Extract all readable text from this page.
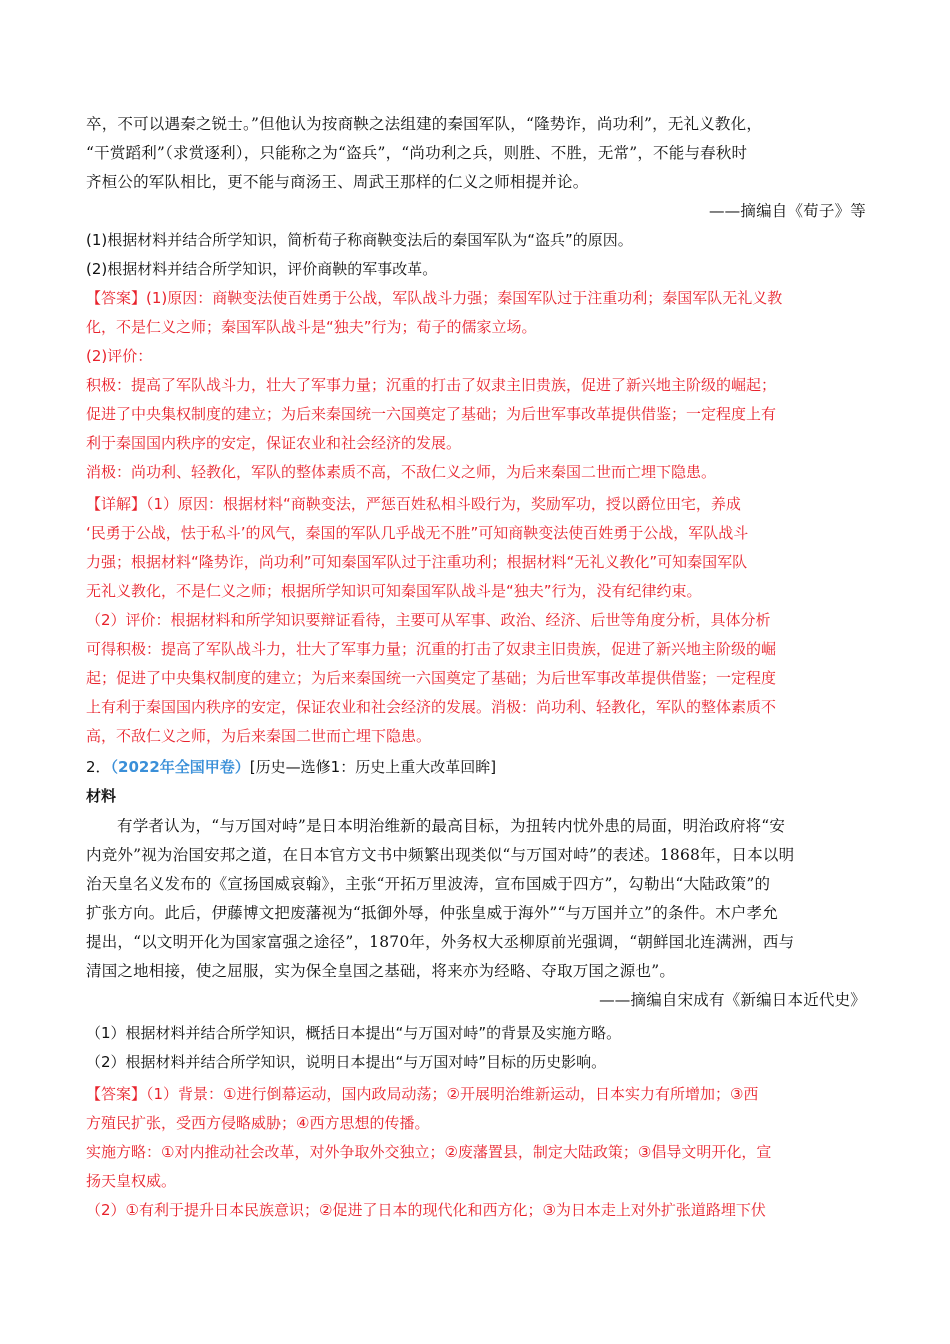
卒，不可以遇秦之锐士。”但他认为按商鞅之法组建的秦国军队，“隆势诈，尚功利”，无礼义教化，

“干赏蹈利”（求赏逐利），只能称之为“盗兵”，“尚功利之兵，则胜、不胜，无常”，不能与春秋时

齐桓公的军队相比，更不能与商汤王、周武王那样的仁义之师相提并论。

——摘编自《荀子》等

(1)根据材料并结合所学知识，简析荀子称商鞅变法后的秦国军队为“盗兵”的原因。

(2)根据材料并结合所学知识，评价商鞅的军事改革。

【答案】(1)原因：商鞅变法使百姓勇于公战，军队战斗力强；秦国军队过于注重功利；秦国军队无礼义教

化，不是仁义之师；秦国军队战斗是“独夫”行为；荀子的儒家立场。

(2)评价：

积极：提高了军队战斗力，壮大了军事力量；沉重的打击了奴隶主旧贵族，促进了新兴地主阶级的崛起；

促进了中央集权制度的建立；为后来秦国统一六国奠定了基础；为后世军事改革提供借鉴；一定程度上有

利于秦国国内秩序的安定，保证农业和社会经济的发展。

消极：尚功利、轻教化，军队的整体素质不高，不敌仁义之师，为后来秦国二世而亡埋下隐患。

【详解】（1）原因：根据材料“商鞅变法，严惩百姓私相斗殴行为，奖励军功，授以爵位田宅，养成

‘民勇于公战，怯于私斗’的风气，秦国的军队几乎战无不胜”可知商鞅变法使百姓勇于公战，军队战斗

力强；根据材料“隆势诈，尚功利”可知秦国军队过于注重功利；根据材料“无礼义教化”可知秦国军队

无礼义教化，不是仁义之师；根据所学知识可知秦国军队战斗是“独夫”行为，没有纪律约束。

（2）评价：根据材料和所学知识要辩证看待，主要可从军事、政治、经济、后世等角度分析，具体分析

可得积极：提高了军队战斗力，壮大了军事力量；沉重的打击了奴隶主旧贵族，促进了新兴地主阶级的崛

起；促进了中央集权制度的建立；为后来秦国统一六国奠定了基础；为后世军事改革提供借鉴；一定程度

上有利于秦国国内秩序的安定，保证农业和社会经济的发展。消极：尚功利、轻教化，军队的整体素质不

高，不敌仁义之师，为后来秦国二世而亡埋下隐患。

2．（2022年全国甲卷）[历史—选修1：历史上重大改革回眸]
材料

有学者认为，“与万国对峙”是日本明治维新的最高目标，为扭转内忧外患的局面，明治政府将“安

内竞外”视为治国安邦之道，在日本官方文书中频繁出现类似“与万国对峙”的表述。1868年，日本以明

治天皇名义发布的《宣扬国威哀翰》，主张“开拓万里波涛，宣布国威于四方”，勾勒出“大陆政策”的

扩张方向。此后，伊藤博文把废藩视为“抵御外辱，仲张皇威于海外”“与万国并立”的条件。木户孝允

提出，“以文明开化为国家富强之途径”，1870年，外务权大丞柳原前光强调，“朝鲜国北连满洲，西与

清国之地相接，使之屈服，实为保全皇国之基础，将来亦为经略、夺取万国之源也”。

——摘编自宋成有《新编日本近代史》

（1）根据材料并结合所学知识，概括日本提出“与万国对峙”的背景及实施方略。

（2）根据材料并结合所学知识，说明日本提出“与万国对峙”目标的历史影响。

【答案】（1）背景：①进行倒幕运动，国内政局动荡；②开展明治维新运动，日本实力有所增加；③西

方殖民扩张，受西方侵略威胁；④西方思想的传播。

实施方略：①对内推动社会改革，对外争取外交独立；②废藩置县，制定大陆政策；③倡导文明开化，宣

扬天皇权威。

（2）①有利于提升日本民族意识；②促进了日本的现代化和西方化；③为日本走上对外扩张道路埋下伏
